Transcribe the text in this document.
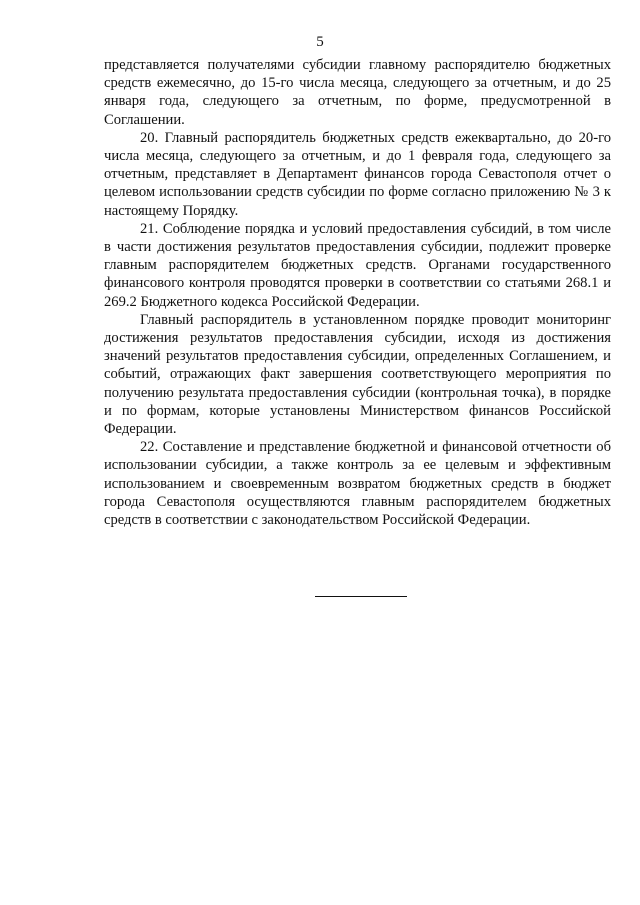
5

представляется получателями субсидии главному распорядителю бюджетных средств ежемесячно, до 15-го числа месяца, следующего за отчетным, и до 25 января года, следующего за отчетным, по форме, предусмотренной в Соглашении.

20. Главный распорядитель бюджетных средств ежеквартально, до 20-го числа месяца, следующего за отчетным, и до 1 февраля года, следующего за отчетным, представляет в Департамент финансов города Севастополя отчет о целевом использовании средств субсидии по форме согласно приложению № 3 к настоящему Порядку.

21. Соблюдение порядка и условий предоставления субсидий, в том числе в части достижения результатов предоставления субсидии, подлежит проверке главным распорядителем бюджетных средств. Органами государственного финансового контроля проводятся проверки в соответствии со статьями 268.1 и 269.2 Бюджетного кодекса Российской Федерации.

Главный распорядитель в установленном порядке проводит мониторинг достижения результатов предоставления субсидии, исходя из достижения значений результатов предоставления субсидии, определенных Соглашением, и событий, отражающих факт завершения соответствующего мероприятия по получению результата предоставления субсидии (контрольная точка), в порядке и по формам, которые установлены Министерством финансов Российской Федерации.

22. Составление и представление бюджетной и финансовой отчетности об использовании субсидии, а также контроль за ее целевым и эффективным использованием и своевременным возвратом бюджетных средств в бюджет города Севастополя осуществляются главным распорядителем бюджетных средств в соответствии с законодательством Российской Федерации.
